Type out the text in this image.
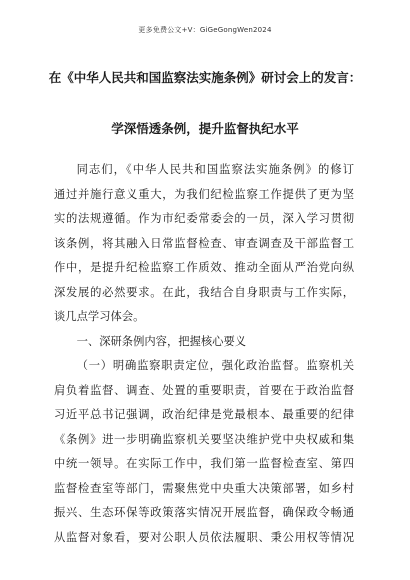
更多免费公文+V：GiGeGongWen2024
在《中华人民共和国监察法实施条例》研讨会上的发言：
学深悟透条例，提升监督执纪水平
同志们，《中华人民共和国监察法实施条例》的修订
通过并施行意义重大，为我们纪检监察工作提供了更为坚
实的法规遵循。作为市纪委常委会的一员，深入学习贯彻
该条例，将其融入日常监督检查、审查调查及干部监督工
作中，是提升纪检监察工作质效、推动全面从严治党向纵
深发展的必然要求。在此，我结合自身职责与工作实际，
谈几点学习体会。
一、深研条例内容，把握核心要义
（一）明确监察职责定位，强化政治监督。监察机关
肩负着监督、调查、处置的重要职责，首要在于政治监督
习近平总书记强调，政治纪律是党最根本、最重要的纪律
《条例》进一步明确监察机关要坚决维护党中央权威和集
中统一领导。在实际工作中，我们第一监督检查室、第四
监督检查室等部门，需聚焦党中央重大决策部署，如乡村
振兴、生态环保等政策落实情况开展监督，确保政令畅通
从监督对象看，要对公职人员依法履职、秉公用权等情况
